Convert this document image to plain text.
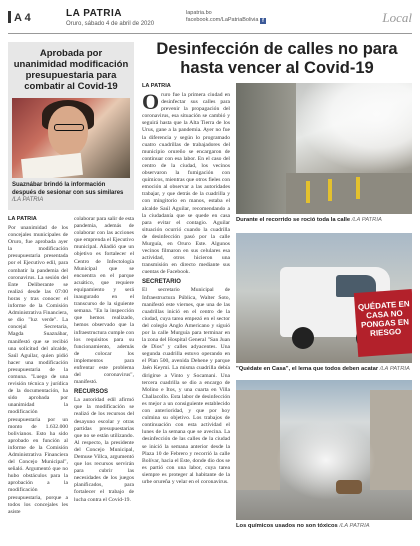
A 4	LA PATRIA
Oruro, sábado 4 de abril de 2020
lapatria.bo
facebook.com/LaPatriaBolivia f	Local
Aprobada por unanimidad modificación presupuestaria para combatir al Covid-19
Suaznábar brindó la información después de sesionar con sus similares /LA PATRIA
LA PATRIA
Por unanimidad de los concejales municipales de Oruro, fue aprobada ayer la modificación presupuestaria presentada por el Ejecutivo edil, para combatir la pandemia del coronavirus. La sesión del Ente Deliberante se realizó desde las 07:00 horas y tras conocer el informe de la Comisión Administrativa Financiera, se dio "luz verde". La concejal Secretaria, Magda Suaznábar, manifestó que se recibió una solicitud del alcalde, Saúl Aguilar, quien pidió hacer una modificación presupuestaria de la comuna. "Luego de una revisión técnica y jurídica de la documentación, ha sido aprobada por unanimidad la modificación presupuestaria por un monto de 1.632.000 bolivianos. Esto ha sido aprobado en función al informe de la Comisión Administrativa Financiera del Concejo Municipal", señaló. Argumentó que no hubo obstáculos para la aprobación a la modificación presupuestaria, porque a todos los concejales les asiste
colaborar para salir de esta pandemia, además de colaborar con las acciones que emprenda el Ejecutivo municipal. Añadió que un objetivo es fortalecer el Centro de Infectología Municipal que se encuentra en el parque acuático, que requiere equipamiento y será inaugurado en el transcurso de la siguiente semana. "En la inspección que hemos realizado, hemos observado que la infraestructura cumple con los requisitos para su funcionamiento, además de colocar los implementos para enfrentar este problema del coronavirus", manifestó.
RECURSOS
La autoridad edil afirmó que la modificación se realizó de los recursos del desayuno escolar y otras partidas presupuestarias que no se están utilizando. Al respecto, la presidente del Concejo Municipal, Demuse Villca, argumentó que los recursos servirán para cubrir las necesidades de los juegos planificados, para fortalecer el trabajo de lucha contra el Covid-19.
Desinfección de calles no para hasta vencer al Covid-19
LA PATRIA
O ruro fue la primera ciudad en desinfectar sus calles para prevenir la propagación del coronavirus, esa situación se cambió y seguirá hasta que la Alta Tierra de los Urus, gane a la pandemia. Ayer no fue la diferencia y según lo programado cuatro cuadrillas de trabajadores del municipio orureño se encargaron de continuar con esa labor. En el caso del centro de la ciudad, los vecinos observaron la fumigación con químicos, mientras que otros fieles con emoción al observar a las autoridades trabajar, y que detrás de la cuadrilla y con mingitorio en manos, estaba el alcalde Saúl Aguilar, recomendando a la ciudadanía que se quede en casa para evitar el contagio. Aguilar situación ocurrió cuando la cuadrilla de desinfección pasó por la calle Murguía, en Oruro Este. Algunos vecinos filmaron en sus celulares esa actividad, otros hicieron una transmisión en directo mediante sus cuentas de Facebook.
SECRETARIO
El secretario Municipal de Infraestructura Pública, Walter Soto, manifestó este viernes, que una de las cuadrillas inició en el centro de la ciudad, cuya tarea empezó en el sector del colegio Anglo Americano y siguió por la calle Murguía para terminar en la zona del Hospital General "San Juan de Dios" y calles adyacentes. Una segunda cuadrilla estuvo operando en el Plan 500, avenida Dehene y parque Jaén Keymi. La misma cuadrilla debía dirigirse a Vinto y Socamani. Una tercera cuadrilla se dio a encargo de Molino e Itos, y una cuarta en Villa Challacollo. Esta labor de desinfección es mejor a un consiguiente establecido con anterioridad, y que por hoy culmina su objetivo. Los trabajos de continuación con esta actividad el lunes de la semana que se avecina. La desinfección de las calles de la ciudad se inició la semana anterior desde la Plaza 10 de Febrero y recorrió la calle Bolívar, hacia el Este, donde dio dos se es partió con una labor, cuya tarea siempre es proteger al habitante de la urbe orureña y velar en el coronavirus.
Durante el recorrido se roció toda la calle /LA PATRIA
QUÉDATE EN CASA NO PONGAS EN RIESGO
"Quédate en Casa", el lema que todos deben acatar /LA PATRIA
Los químicos usados no son tóxicos /LA PATRIA
